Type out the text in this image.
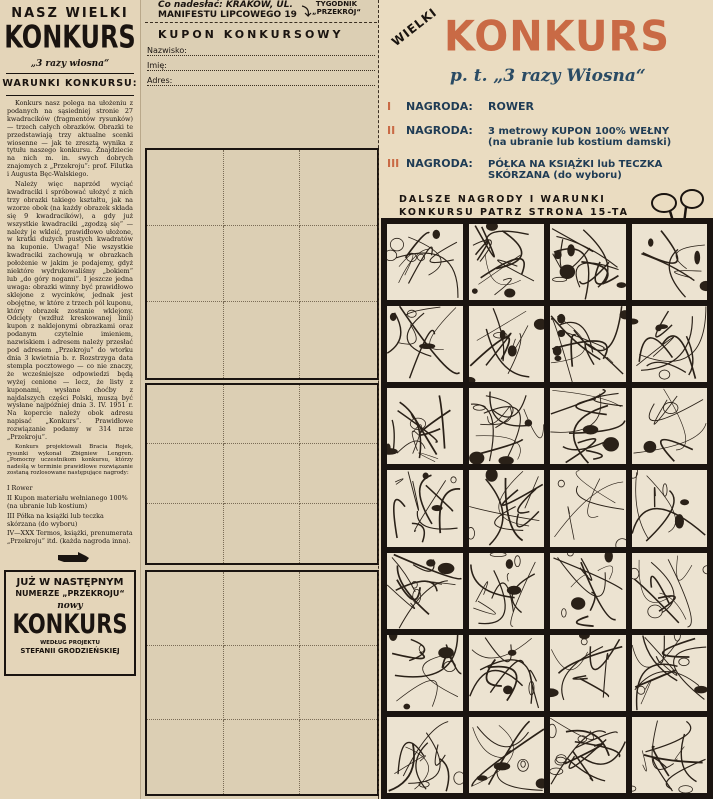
NASZ WIELKI
KONKURS
„3 razy wiosna“
WARUNKI KONKURSU:

Konkurs nasz polega na ułożeniu z podanych na sąsiedniej stronie 27 kwadracików (fragmentów rysunków) — trzech całych obrazków. Obrazki te przedstawiają trzy aktualne scenki wiosenne — jak te zresztą wynika z tytułu naszego konkursu. Znajdziecie na nich m. in. swych dobrych znajomych z „Przekroju“: prof. Filutka i Augusta Bęc-Walskiego.

Należy więc naprzód wyciąć kwadraciki i spróbować ułożyć z nich trzy obrazki takiego kształtu, jak na wzorze obok (na każdy obrazek składa się 9 kwadracików), a gdy już wszystkie kwadraciki „zgodzą się“ — należy je wkleić, prawidłowo ułożone, w kratki dużych pustych kwadratów na kuponie. Uwaga! Nie wszystkie kwadraciki zachowują w obrazkach położenie w jakim je podajemy, gdyż niektóre wydrukowaliśmy „bokiem“ lub „do góry nogami“. I jeszcze jedna uwaga: obrazki winny być prawidłowo sklejone z wycinków, jednak jest obojętne, w które z trzech pól kuponu, który obrazek zostanie wklejony. Odcięty (wzdłuż kreskowanej linii) kupon z naklejonymi obrazkami oraz podanym czytelnie imieniem, nazwiskiem i adresem należy przesłać pod adresem „Przekroju“ do wtorku dnia 3 kwietnia b. r. Rozstrzyga data stempla pocztowego — co nie znaczy, że wcześniejsze odpowiedzi będą wyżej cenione — lecz, że listy z kuponami, wysłane choćby z najdalszych części Polski, muszą być wysłane najpóźniej dnia 3. IV. 1951 r. Na kopercie należy obok adresu napisać „Konkurs“. Prawidłowe rozwiązanie podamy w 314 nrze „Przekroju“.

Konkurs projektowali Bracia Rojek, rysunki wykonał Zbigniew Lengren. „Pomocny uczestnikom konkursu, którzy nadeślą w terminie prawidłowe rozwiązanie zostaną rozlosowane następujące nagrody:

I Rower
II Kupon materiału wełnianego 100% (na ubranie lub kostium)
III Półka na książki lub teczka skórzana (do wyboru)
IV—XXX Termos, książki, prenumerata „Przekroju“ itd. (każda nagroda inna).
JUŻ W NASTĘPNYM
NUMERZE „PRZEKROJU“
nowy
KONKURS
WEDŁUG PROJEKTU
STEFANII GRODZIEŃSKIEJ
Co nadesłać: KRAKÓW, UL.
MANIFESTU LIPCOWEGO 19
TYGODNIK
„PRZEKRÓJ“
KUPON KONKURSOWY
Nazwisko:
Imię:
Adres:
WIELKI KONKURS
p. t. „3 razy Wiosna“
I NAGRODA: ROWER
II NAGRODA: 3 metrowy KUPON 100% WEŁNY
(na ubranie lub kostium damski)
III NAGRODA: PÓŁKA NA KSIĄŻKI lub TECZKA
SKÓRZANA (do wyboru)
DALSZE NAGRODY I WARUNKI
KONKURSU PATRZ STRONA 15-TA
